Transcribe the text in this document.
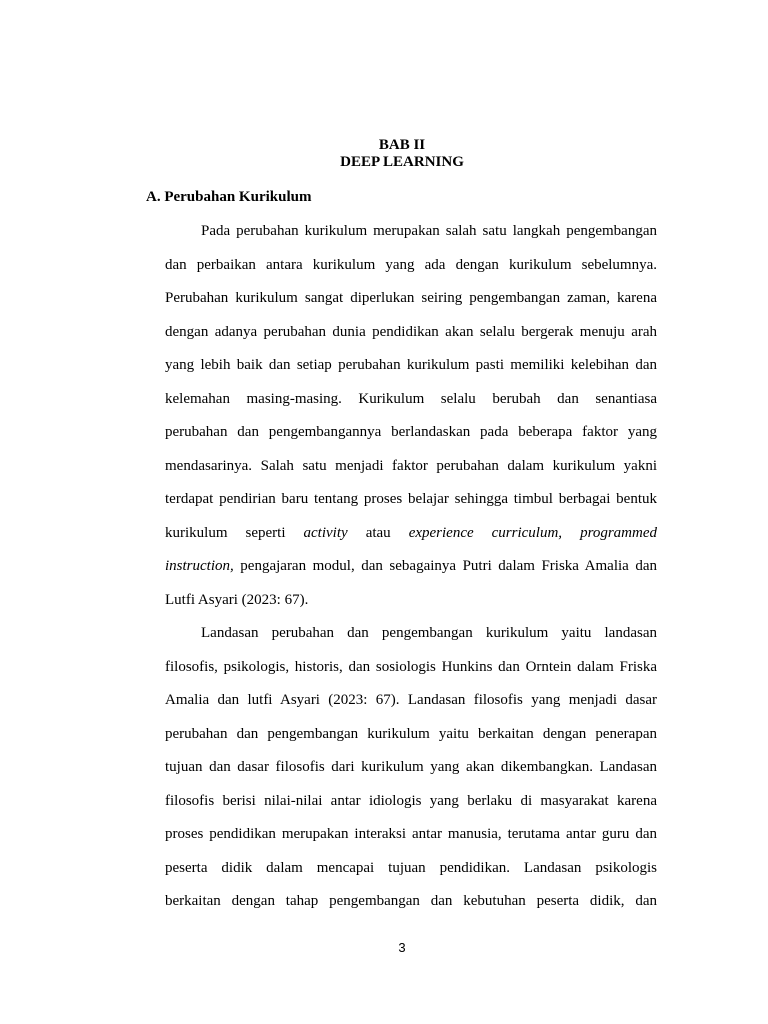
BAB II
DEEP LEARNING
A. Perubahan Kurikulum
Pada perubahan kurikulum merupakan salah satu langkah pengembangan
dan perbaikan antara kurikulum yang ada dengan kurikulum sebelumnya.
Perubahan kurikulum sangat diperlukan seiring pengembangan zaman, karena
dengan adanya perubahan dunia pendidikan akan selalu bergerak menuju arah
yang lebih baik dan setiap perubahan kurikulum pasti memiliki kelebihan dan
kelemahan masing-masing. Kurikulum selalu berubah dan senantiasa
perubahan dan pengembangannya berlandaskan pada beberapa faktor yang
mendasarinya. Salah satu menjadi faktor perubahan dalam kurikulum yakni
terdapat pendirian baru tentang proses belajar sehingga timbul berbagai bentuk
kurikulum seperti activity atau experience curriculum, programmed
instruction, pengajaran modul, dan sebagainya Putri dalam Friska Amalia dan
Lutfi Asyari (2023: 67).
Landasan perubahan dan pengembangan kurikulum yaitu landasan
filosofis, psikologis, historis, dan sosiologis Hunkins dan Orntein dalam Friska
Amalia dan lutfi Asyari (2023: 67). Landasan filosofis yang menjadi dasar
perubahan dan pengembangan kurikulum yaitu berkaitan dengan penerapan
tujuan dan dasar filosofis dari kurikulum yang akan dikembangkan. Landasan
filosofis berisi nilai-nilai antar idiologis yang berlaku di masyarakat karena
proses pendidikan merupakan interaksi antar manusia, terutama antar guru dan
peserta didik dalam mencapai tujuan pendidikan. Landasan psikologis
berkaitan dengan tahap pengembangan dan kebutuhan peserta didik, dan
3
